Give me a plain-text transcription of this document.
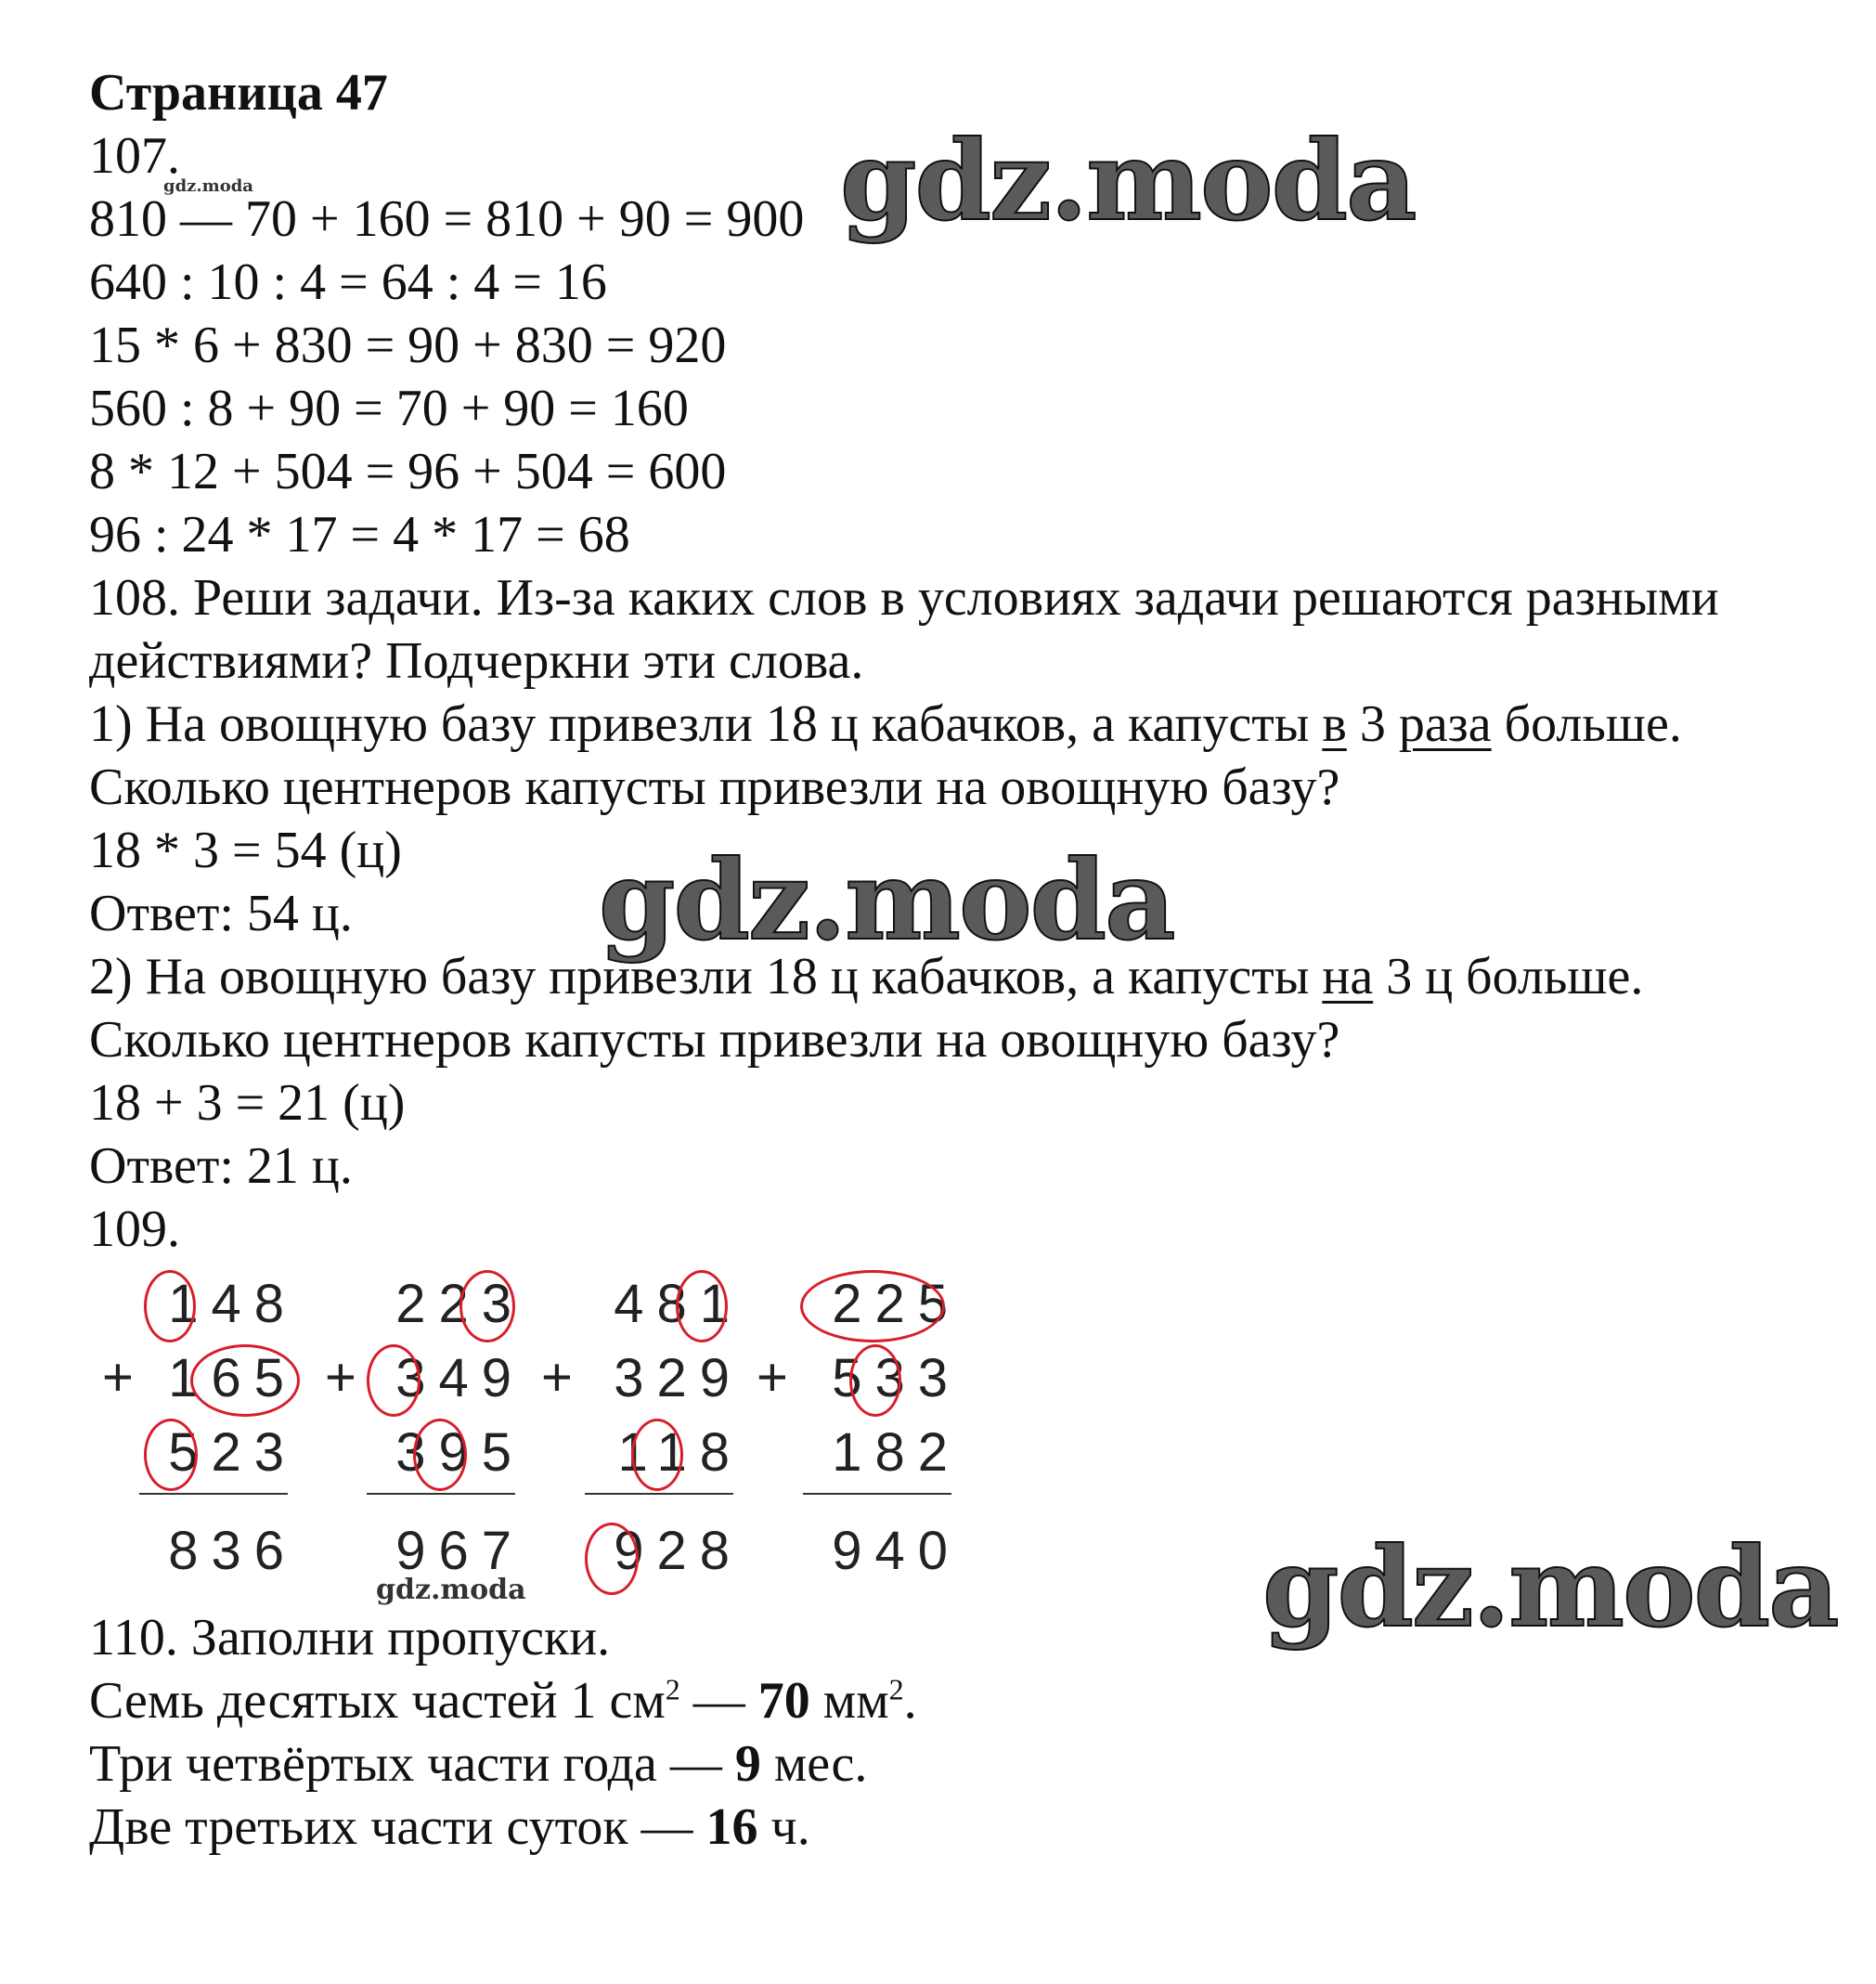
Страница 47
107.
810 — 70 + 160 = 810 + 90 = 900
640 : 10 : 4 = 64 : 4 = 16
15 * 6 + 830 = 90 + 830 = 920
560 : 8 + 90 = 70 + 90 = 160
8 * 12 + 504 = 96 + 504 = 600
96 : 24 * 17 = 4 * 17 = 68
108. Реши задачи. Из-за каких слов в условиях задачи решаются разными
действиями? Подчеркни эти слова.
1) На овощную базу привезли 18 ц кабачков, а капусты в 3 раза больше.
Сколько центнеров капусты привезли на овощную базу?
18 * 3 = 54 (ц)
Ответ: 54 ц.
2) На овощную базу привезли 18 ц кабачков, а капусты на 3 ц больше.
Сколько центнеров капусты привезли на овощную базу?
18 + 3 = 21 (ц)
Ответ: 21 ц.
109.
148
165
523
836
+
223
349
395
967
+
481
329
118
928
+
225
533
182
940
+
110. Заполни пропуски.
Семь десятых частей 1 $см^2$ — 70 $мм^2$.
Три четвёртых части года — 9 мес.
Две третьих части суток — 16 ч.
gdz.moda	gdz.moda
gdz.moda
gdz.moda	gdz.moda
